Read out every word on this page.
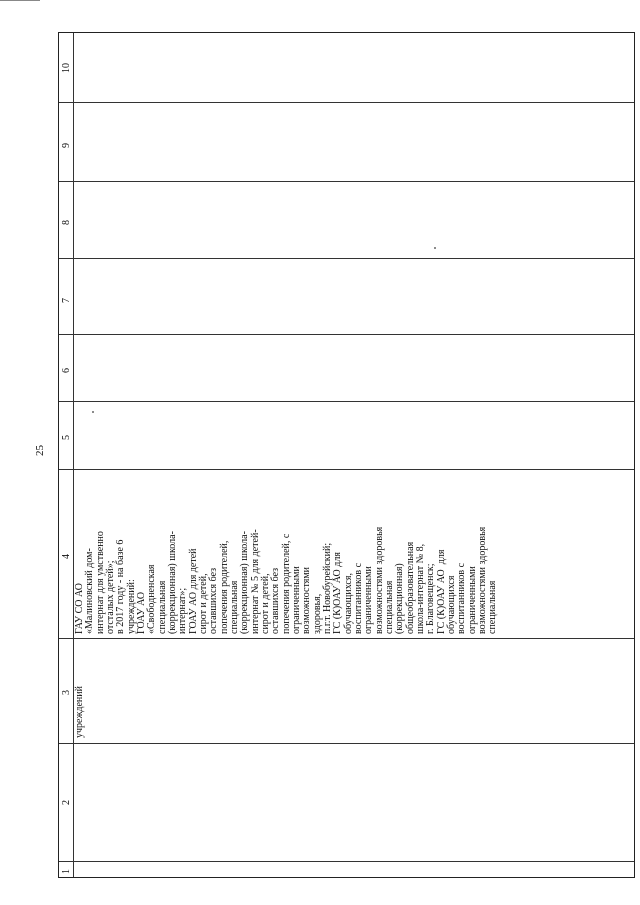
25
1
2
3
4
5
6
7
8
9
10
учреждений
ГАУ СО АО «Малиновский дом- интернат для умственно отсталых детей»; в 2017 году - на базе 6 учреждений: ГОАУ АО «Свободненская специальная (коррекционная) школа- интернат»; ГОАУ АО для детей сирот и детей, оставшихся без попечения родителей, специальная (коррекционная) школа- интернат № 5 для детей- сирот и детей, оставшихся без попечения родителей, с ограниченными возможностями здоровья, п.г.т. Новобурейский; ГС (К)ОАУ АО для обучающихся, воспитанников с ограниченными возможностями здоровья специальная (коррекционная) общеобразовательная школа-интернат № 8, г. Благовещенск; ГС (К)ОАУ АО  для обучающихся воспитанников с ограниченными возможностями здоровья специальная
